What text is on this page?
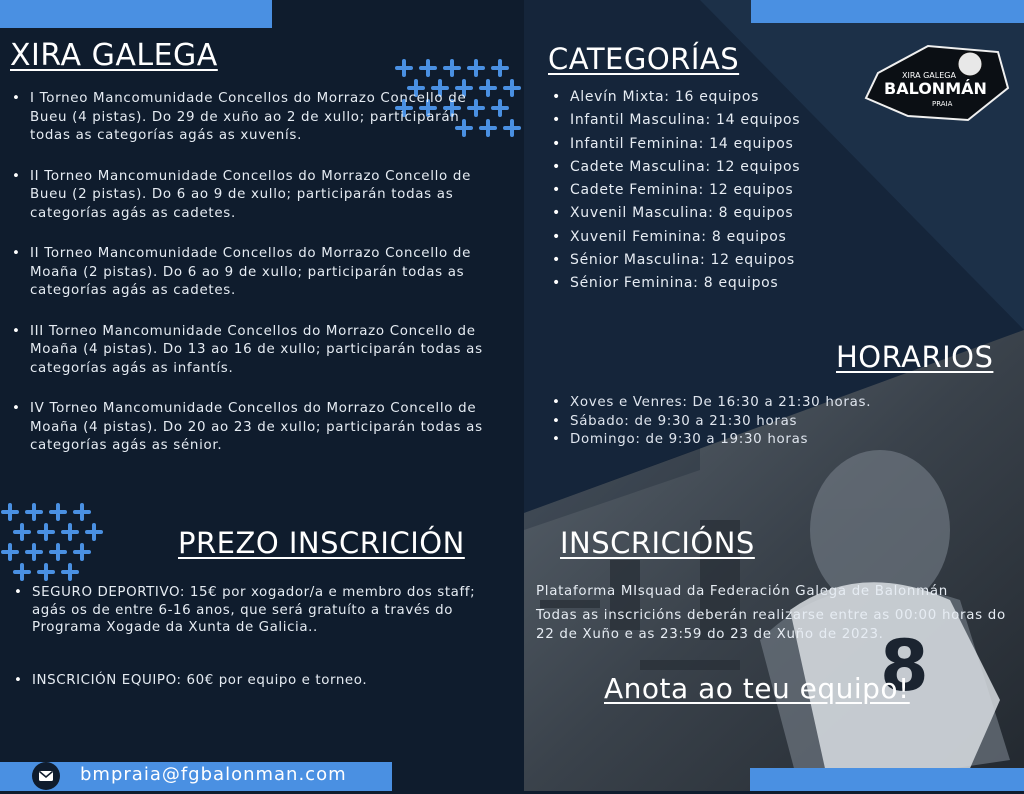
8
XIRA GALEGA
• I Torneo Mancomunidade Concellos do Morrazo Concello de Bueu (4 pistas). Do 29 de xuño ao 2 de xullo; participarán todas as categorías agás as xuvenís.
• II Torneo Mancomunidade Concellos do Morrazo Concello de Bueu (2 pistas). Do 6 ao 9 de xullo; participarán todas as categorías agás as cadetes.
• II Torneo Mancomunidade Concellos do Morrazo Concello de Moaña (2 pistas). Do 6 ao 9 de xullo; participarán todas as categorías agás as cadetes.
• III Torneo Mancomunidade Concellos do Morrazo Concello de Moaña (4 pistas). Do 13 ao 16 de xullo; participarán todas as categorías agás as infantís.
• IV Torneo Mancomunidade Concellos do Morrazo Concello de Moaña (4 pistas). Do 20 ao 23 de xullo; participarán todas as categorías agás as sénior.
CATEGORÍAS
• Alevín Mixta: 16 equipos
• Infantil Masculina: 14 equipos
• Infantil Feminina: 14 equipos
• Cadete Masculina: 12 equipos
• Cadete Feminina: 12 equipos
• Xuvenil Masculina: 8 equipos
• Xuvenil Feminina: 8 equipos
• Sénior Masculina: 12 equipos
• Sénior Feminina: 8 equipos
XIRA GALEGA
BALONMÁN
PRAIA
HORARIOS
• Xoves e Venres: De 16:30 a 21:30 horas.
• Sábado: de 9:30 a 21:30 horas
• Domingo: de 9:30 a 19:30 horas
PREZO INSCRICIÓN
• SEGURO DEPORTIVO: 15€ por xogador/a e membro dos staff; agás os de entre 6-16 anos, que será gratuíto a través do Programa Xogade da Xunta de Galicia..
• INSCRICIÓN EQUIPO: 60€ por equipo e torneo.
INSCRICIÓNS
Plataforma MIsquad da Federación Galega de Balonmán
Todas as inscricións deberán realizarse entre as 00:00 horas do 22 de Xuño e as 23:59 do 23 de Xuño de 2023.
Anota ao teu equipo!
bmpraia@fgbalonman.com
